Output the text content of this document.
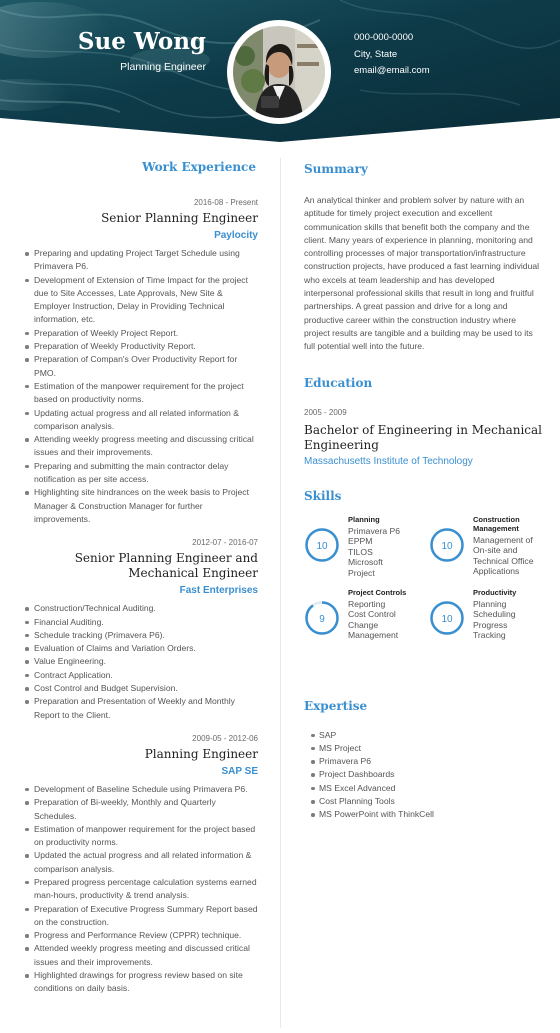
Sue Wong
Planning Engineer
000-000-0000
City, State
email@email.com
Work Experience
2016-08 - Present
Senior Planning Engineer
Paylocity
Preparing and updating Project Target Schedule using Primavera P6.
Development of Extension of Time Impact for the project due to Site Accesses, Late Approvals, New Site & Employer Instruction, Delay in Providing Technical information, etc.
Preparation of Weekly Project Report.
Preparation of Weekly Productivity Report.
Preparation of Compan's Over Productivity Report for PMO.
Estimation of the manpower requirement for the project based on productivity norms.
Updating actual progress and all related information & comparison analysis.
Attending weekly progress meeting and discussing critical issues and their improvements.
Preparing and submitting the main contractor delay notification as per site access.
Highlighting site hindrances on the week basis to Project Manager & Construction Manager for further improvements.
2012-07 - 2016-07
Senior Planning Engineer and Mechanical Engineer
Fast Enterprises
Construction/Technical Auditing.
Financial Auditing.
Schedule tracking (Primavera P6).
Evaluation of Claims and Variation Orders.
Value Engineering.
Contract Application.
Cost Control and Budget Supervision.
Preparation and Presentation of Weekly and Monthly Report to the Client.
2009-05 - 2012-06
Planning Engineer
SAP SE
Development of Baseline Schedule using Primavera P6.
Preparation of Bi-weekly, Monthly and Quarterly Schedules.
Estimation of manpower requirement for the project based on productivity norms.
Updated the actual progress and all related information & comparison analysis.
Prepared progress percentage calculation systems earned man-hours, productivity & trend analysis.
Preparation of Executive Progress Summary Report based on the construction.
Progress and Performance Review (CPPR) technique.
Attended weekly progress meeting and discussed critical issues and their improvements.
Highlighted drawings for progress review based on site conditions on daily basis.
Summary
An analytical thinker and problem solver by nature with an aptitude for timely project execution and excellent communication skills that benefit both the company and the client. Many years of experience in planning, monitoring and controlling processes of major transportation/infrastructure construction projects, have produced a fast learning individual who excels at team leadership and has developed interpersonal professional skills that result in long and fruitful partnerships. A great passion and drive for a long and productive career within the construction industry where project results are tangible and a building may be used to its full potential well into the future.
Education
2005 - 2009
Bachelor of Engineering in Mechanical Engineering
Massachusetts Institute of Technology
Skills
10
Planning
Primavera P6
EPPM
TILOS
Microsoft
Project
10
Construction Management
Management of
On-site and
Technical Office
Applications
9
Project Controls
Reporting
Cost Control
Change
Management
10
Productivity
Planning
Scheduling
Progress
Tracking
Expertise
SAP
MS Project
Primavera P6
Project Dashboards
MS Excel Advanced
Cost Planning Tools
MS PowerPoint with ThinkCell
